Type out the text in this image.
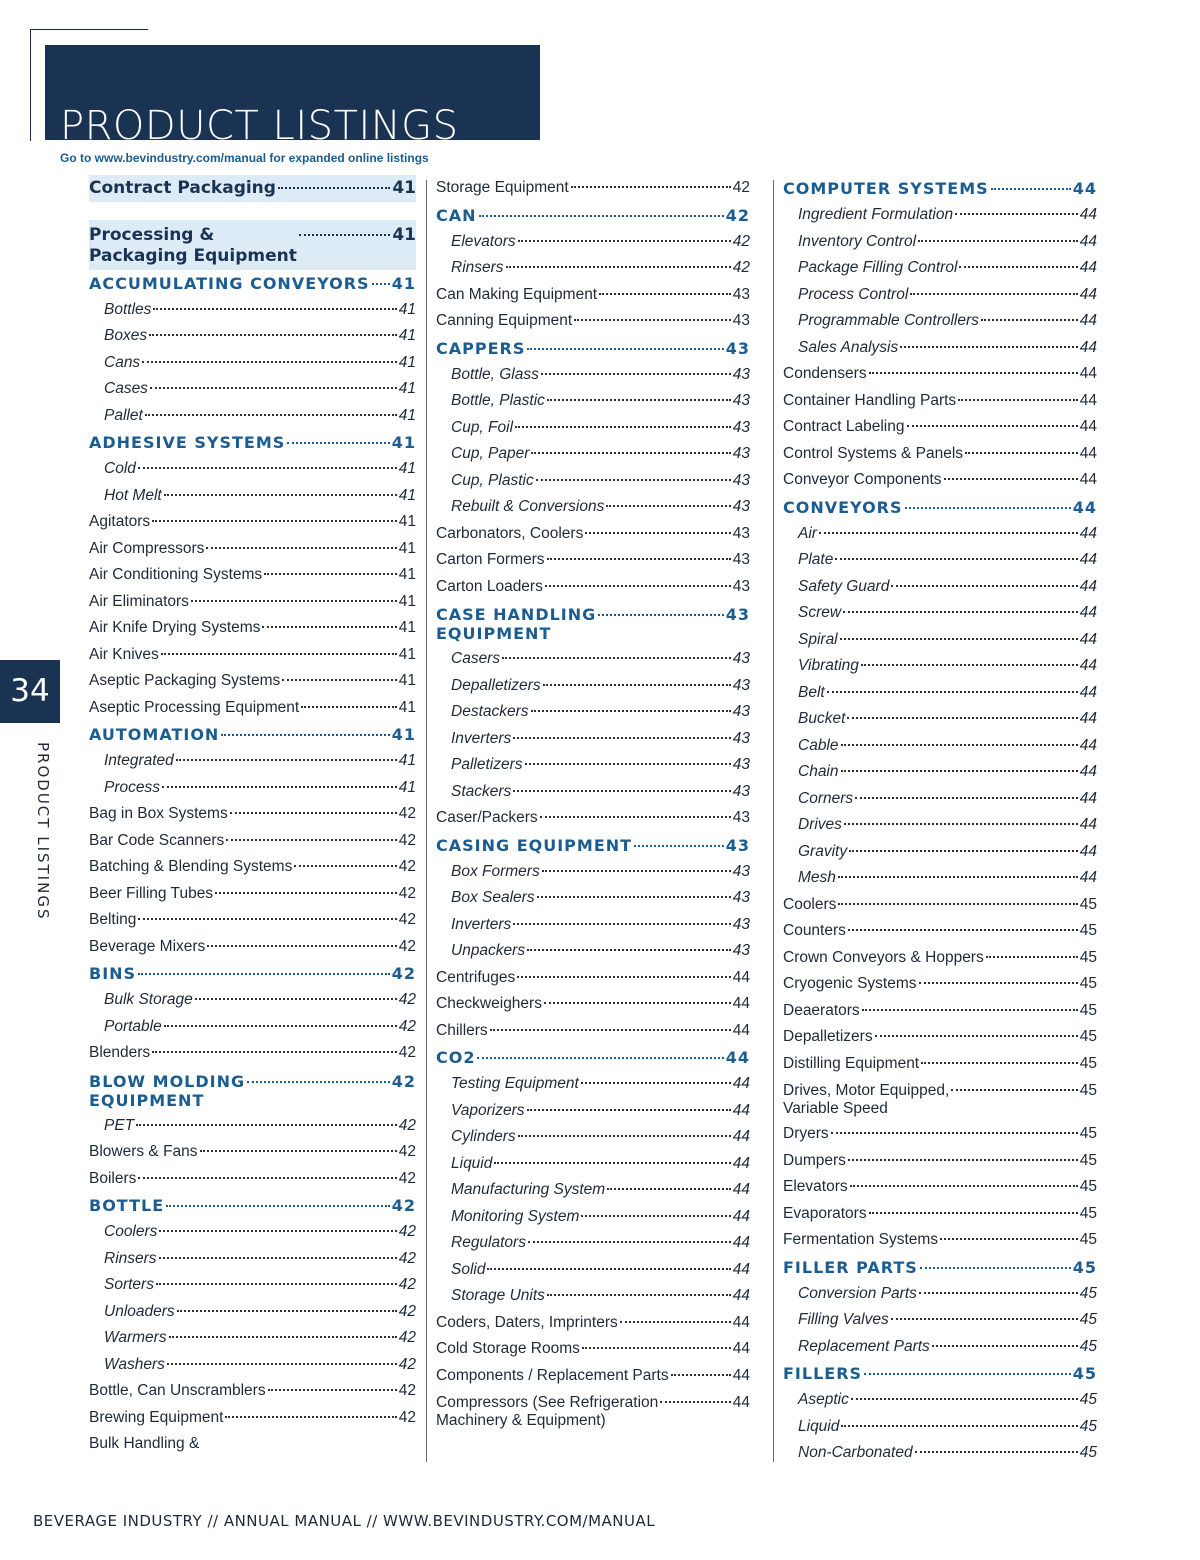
PRODUCT LISTINGS
Go to www.bevindustry.com/manual for expanded online listings
34
PRODUCT LISTINGS
Contract Packaging	41
Processing &
Packaging Equipment
41
ACCUMULATING CONVEYORS 41
Bottles	41
Boxes	41
Cans	41
Cases	41
Pallet	41
ADHESIVE SYSTEMS	41
Cold	41
Hot Melt	41
Agitators	41
Air Compressors	41
Air Conditioning Systems	41
Air Eliminators	41
Air Knife Drying Systems	41
Air Knives	41
Aseptic Packaging Systems	41
Aseptic Processing Equipment	41
AUTOMATION	41
Integrated	41
Process	41
Bag in Box Systems	42
Bar Code Scanners	42
Batching & Blending Systems	42
Beer Filling Tubes	42
Belting	42
Beverage Mixers	42
BINS	42
Bulk Storage	42
Portable	42
Blenders	42
BLOW MOLDING
EQUIPMENT
42
PET	42
Blowers & Fans	42
Boilers	42
BOTTLE	42
Coolers	42
Rinsers	42
Sorters	42
Unloaders	42
Warmers	42
Washers	42
Bottle, Can Unscramblers	42
Brewing Equipment	42
Bulk Handling &
Storage Equipment	42
CAN	42
Elevators	42
Rinsers	42
Can Making Equipment	43
Canning Equipment	43
CAPPERS	43
Bottle, Glass	43
Bottle, Plastic	43
Cup, Foil	43
Cup, Paper	43
Cup, Plastic	43
Rebuilt & Conversions	43
Carbonators, Coolers	43
Carton Formers	43
Carton Loaders	43
CASE HANDLING
EQUIPMENT
43
Casers	43
Depalletizers	43
Destackers	43
Inverters	43
Palletizers	43
Stackers	43
Caser/Packers	43
CASING EQUIPMENT	43
Box Formers	43
Box Sealers	43
Inverters	43
Unpackers	43
Centrifuges	44
Checkweighers	44
Chillers	44
CO2	44
Testing Equipment	44
Vaporizers	44
Cylinders	44
Liquid	44
Manufacturing System	44
Monitoring System	44
Regulators	44
Solid	44
Storage Units	44
Coders, Daters, Imprinters	44
Cold Storage Rooms	44
Components / Replacement Parts	44
Compressors (See Refrigeration
Machinery & Equipment)
44
COMPUTER SYSTEMS	44
Ingredient Formulation	44
Inventory Control	44
Package Filling Control	44
Process Control	44
Programmable Controllers	44
Sales Analysis	44
Condensers	44
Container Handling Parts	44
Contract Labeling	44
Control Systems & Panels	44
Conveyor Components	44
CONVEYORS	44
Air	44
Plate	44
Safety Guard	44
Screw	44
Spiral	44
Vibrating	44
Belt	44
Bucket	44
Cable	44
Chain	44
Corners	44
Drives	44
Gravity	44
Mesh	44
Coolers	45
Counters	45
Crown Conveyors & Hoppers	45
Cryogenic Systems	45
Deaerators	45
Depalletizers	45
Distilling Equipment	45
Drives, Motor Equipped,
Variable Speed
45
Dryers	45
Dumpers	45
Elevators	45
Evaporators	45
Fermentation Systems	45
FILLER PARTS	45
Conversion Parts	45
Filling Valves	45
Replacement Parts	45
FILLERS	45
Aseptic	45
Liquid	45
Non-Carbonated	45
BEVERAGE INDUSTRY // ANNUAL MANUAL // WWW.BEVINDUSTRY.COM/MANUAL
